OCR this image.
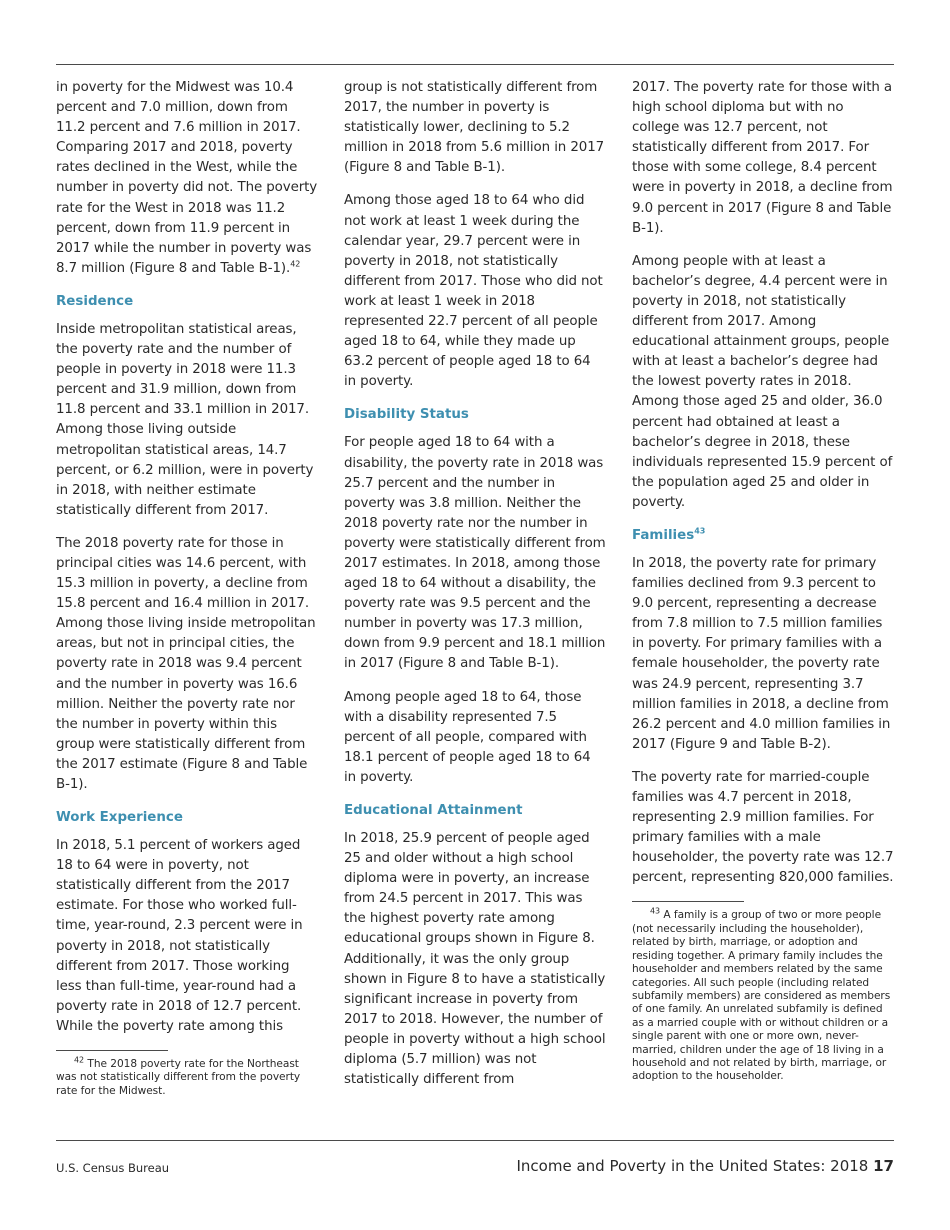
in poverty for the Midwest was 10.4 percent and 7.0 million, down from 11.2 percent and 7.6 million in 2017. Comparing 2017 and 2018, poverty rates declined in the West, while the number in poverty did not. The poverty rate for the West in 2018 was 11.2 percent, down from 11.9 percent in 2017 while the number in poverty was 8.7 million (Figure 8 and Table B-1).$^{42}$

Residence

Inside metropolitan statistical areas, the poverty rate and the number of people in poverty in 2018 were 11.3 percent and 31.9 million, down from 11.8 percent and 33.1 million in 2017. Among those living outside metropolitan statistical areas, 14.7 percent, or 6.2 million, were in poverty in 2018, with neither estimate statistically different from 2017.

The 2018 poverty rate for those in principal cities was 14.6 percent, with 15.3 million in poverty, a decline from 15.8 percent and 16.4 million in 2017. Among those living inside metropolitan areas, but not in principal cities, the poverty rate in 2018 was 9.4 percent and the number in poverty was 16.6 million. Neither the poverty rate nor the number in poverty within this group were statistically different from the 2017 estimate (Figure 8 and Table B-1).

Work Experience

In 2018, 5.1 percent of workers aged 18 to 64 were in poverty, not statistically different from the 2017 estimate. For those who worked full-time, year-round, 2.3 percent were in poverty in 2018, not statistically different from 2017. Those working less than full-time, year-round had a poverty rate in 2018 of 12.7 percent. While the poverty rate among this

$^{42}$ The 2018 poverty rate for the Northeast was not statistically different from the poverty rate for the Midwest.

group is not statistically different from 2017, the number in poverty is statistically lower, declining to 5.2 million in 2018 from 5.6 million in 2017 (Figure 8 and Table B-1).

Among those aged 18 to 64 who did not work at least 1 week during the calendar year, 29.7 percent were in poverty in 2018, not statistically different from 2017. Those who did not work at least 1 week in 2018 represented 22.7 percent of all people aged 18 to 64, while they made up 63.2 percent of people aged 18 to 64 in poverty.

Disability Status

For people aged 18 to 64 with a disability, the poverty rate in 2018 was 25.7 percent and the number in poverty was 3.8 million. Neither the 2018 poverty rate nor the number in poverty were statistically different from 2017 estimates. In 2018, among those aged 18 to 64 without a disability, the poverty rate was 9.5 percent and the number in poverty was 17.3 million, down from 9.9 percent and 18.1 million in 2017 (Figure 8 and Table B-1).

Among people aged 18 to 64, those with a disability represented 7.5 percent of all people, compared with 18.1 percent of people aged 18 to 64 in poverty.

Educational Attainment

In 2018, 25.9 percent of people aged 25 and older without a high school diploma were in poverty, an increase from 24.5 percent in 2017. This was the highest poverty rate among educational groups shown in Figure 8. Additionally, it was the only group shown in Figure 8 to have a statistically significant increase in poverty from 2017 to 2018. However, the number of people in poverty without a high school diploma (5.7 million) was not statistically different from

2017. The poverty rate for those with a high school diploma but with no college was 12.7 percent, not statistically different from 2017. For those with some college, 8.4 percent were in poverty in 2018, a decline from 9.0 percent in 2017 (Figure 8 and Table B-1).

Among people with at least a bachelor’s degree, 4.4 percent were in poverty in 2018, not statistically different from 2017. Among educational attainment groups, people with at least a bachelor’s degree had the lowest poverty rates in 2018. Among those aged 25 and older, 36.0 percent had obtained at least a bachelor’s degree in 2018, these individuals represented 15.9 percent of the population aged 25 and older in poverty.

Families$^{43}$

In 2018, the poverty rate for primary families declined from 9.3 percent to 9.0 percent, representing a decrease from 7.8 million to 7.5 million families in poverty. For primary families with a female householder, the poverty rate was 24.9 percent, representing 3.7 million families in 2018, a decline from 26.2 percent and 4.0 million families in 2017 (Figure 9 and Table B-2).

The poverty rate for married-couple families was 4.7 percent in 2018, representing 2.9 million families. For primary families with a male householder, the poverty rate was 12.7 percent, representing 820,000 families.

$^{43}$ A family is a group of two or more people (not necessarily including the householder), related by birth, marriage, or adoption and residing together. A primary family includes the householder and members related by the same categories. All such people (including related subfamily members) are considered as members of one family. An unrelated subfamily is defined as a married couple with or without children or a single parent with one or more own, never-married, children under the age of 18 living in a household and not related by birth, marriage, or adoption to the householder.

U.S. Census Bureau	Income and Poverty in the United States: 2018 17
